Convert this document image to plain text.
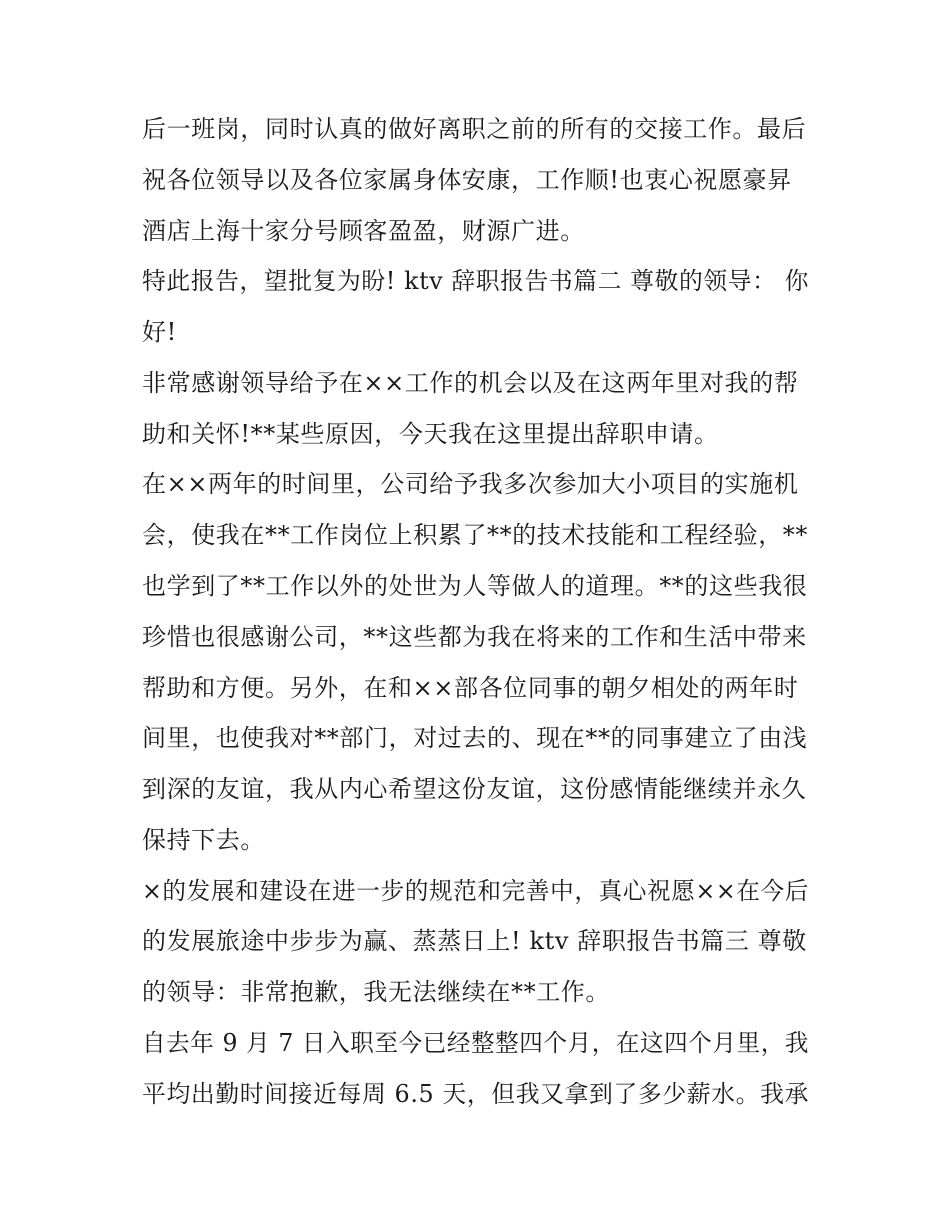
后一班岗，同时认真的做好离职之前的所有的交接工作。最后
祝各位领导以及各位家属身体安康，工作顺!也衷心祝愿豪昇
酒店上海十家分号顾客盈盈，财源广进。
特此报告，望批复为盼! ktv 辞职报告书篇二 尊敬的领导： 你
好!
非常感谢领导给予在××工作的机会以及在这两年里对我的帮
助和关怀!**某些原因，今天我在这里提出辞职申请。
在××两年的时间里，公司给予我多次参加大小项目的实施机
会，使我在**工作岗位上积累了**的技术技能和工程经验，**
也学到了**工作以外的处世为人等做人的道理。**的这些我很
珍惜也很感谢公司，**这些都为我在将来的工作和生活中带来
帮助和方便。另外，在和××部各位同事的朝夕相处的两年时
间里，也使我对**部门，对过去的、现在**的同事建立了由浅
到深的友谊，我从内心希望这份友谊，这份感情能继续并永久
保持下去。
×的发展和建设在进一步的规范和完善中，真心祝愿××在今后
的发展旅途中步步为赢、蒸蒸日上! ktv 辞职报告书篇三 尊敬
的领导：非常抱歉，我无法继续在**工作。
自去年 9 月 7 日入职至今已经整整四个月，在这四个月里，我
平均出勤时间接近每周 6.5 天，但我又拿到了多少薪水。我承
